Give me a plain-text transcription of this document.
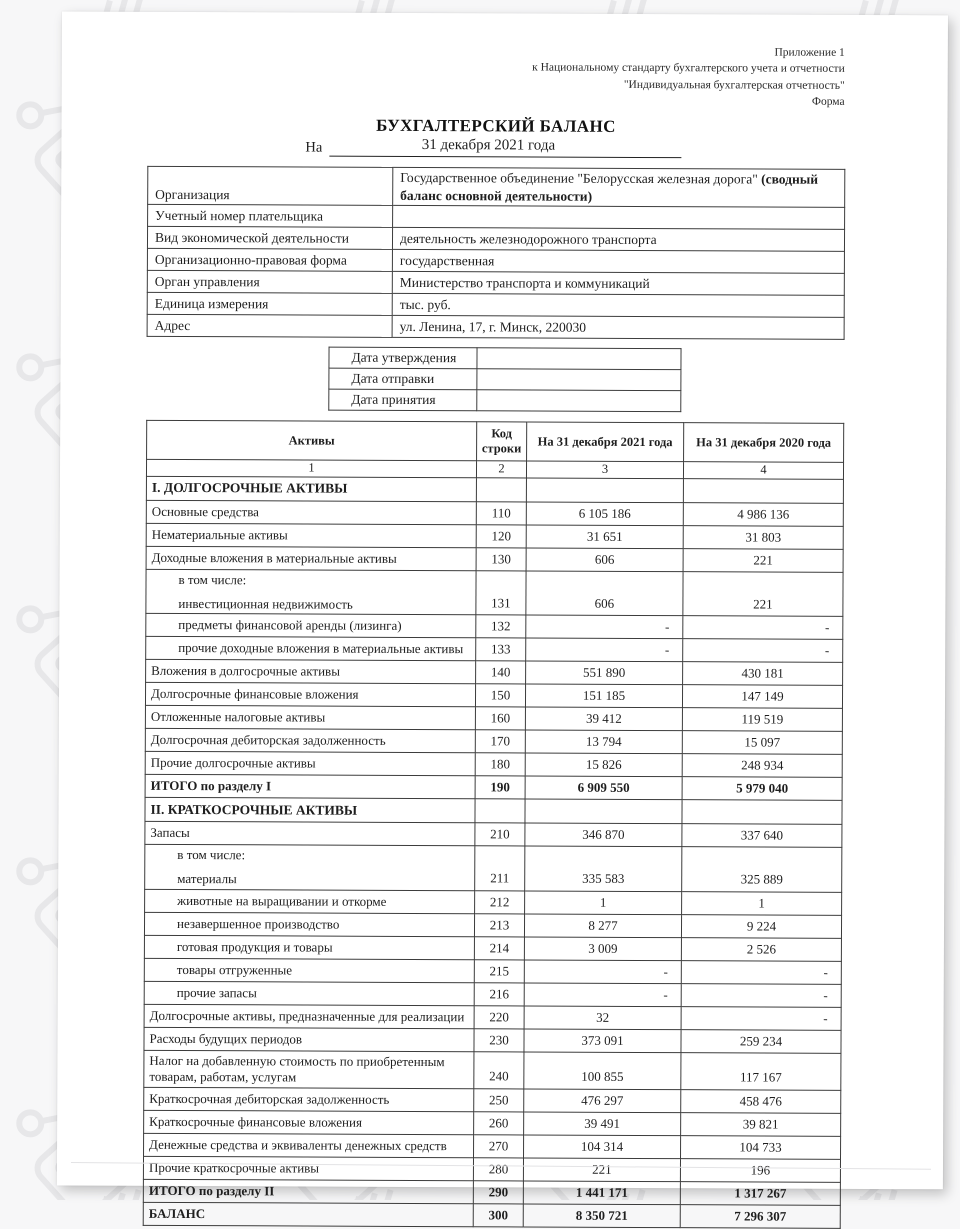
Приложение 1
к Национальному стандарту бухгалтерского учета и отчетности
"Индивидуальная бухгалтерская отчетность"
Форма
БУХГАЛТЕРСКИЙ БАЛАНС
На	31 декабря 2021 года
Организация	Государственное объединение "Белорусская железная дорога" (сводный баланс основной деятельности)
Учетный номер плательщика	
Вид экономической деятельности	деятельность железнодорожного транспорта
Организационно-правовая форма	государственная
Орган управления	Министерство транспорта и коммуникаций
Единица измерения	тыс. руб.
Адрес	ул. Ленина, 17, г. Минск, 220030
Дата утверждения	
Дата отправки	
Дата принятия	
Активы	Код строки	На 31 декабря 2021 года	На 31 декабря 2020 года
1	2	3	4
I. ДОЛГОСРОЧНЫЕ АКТИВЫ			
Основные средства	110	6 105 186	4 986 136
Нематериальные активы	120	31 651	31 803
Доходные вложения в материальные активы	130	606	221

в том числе:
инвестиционная недвижимость	131	606	221
предметы финансовой аренды (лизинга)	132	-	-
прочие доходные вложения в материальные активы	133	-	-
Вложения в долгосрочные активы	140	551 890	430 181
Долгосрочные финансовые вложения	150	151 185	147 149
Отложенные налоговые активы	160	39 412	119 519
Долгосрочная дебиторская задолженность	170	13 794	15 097
Прочие долгосрочные активы	180	15 826	248 934
ИТОГО по разделу I	190	6 909 550	5 979 040
II. КРАТКОСРОЧНЫЕ АКТИВЫ			
Запасы	210	346 870	337 640

в том числе:
материалы	211	335 583	325 889
животные на выращивании и откорме	212	1	1
незавершенное производство	213	8 277	9 224
готовая продукция и товары	214	3 009	2 526
товары отгруженные	215	-	-
прочие запасы	216	-	-
Долгосрочные активы, предназначенные для реализации	220	32	-
Расходы будущих периодов	230	373 091	259 234
Налог на добавленную стоимость по приобретенным товарам, работам, услугам	240	100 855	117 167
Краткосрочная дебиторская задолженность	250	476 297	458 476
Краткосрочные финансовые вложения	260	39 491	39 821
Денежные средства и эквиваленты денежных средств	270	104 314	104 733
Прочие краткосрочные активы	280	221	196
ИТОГО по разделу II	290	1 441 171	1 317 267
БАЛАНС	300	8 350 721	7 296 307
